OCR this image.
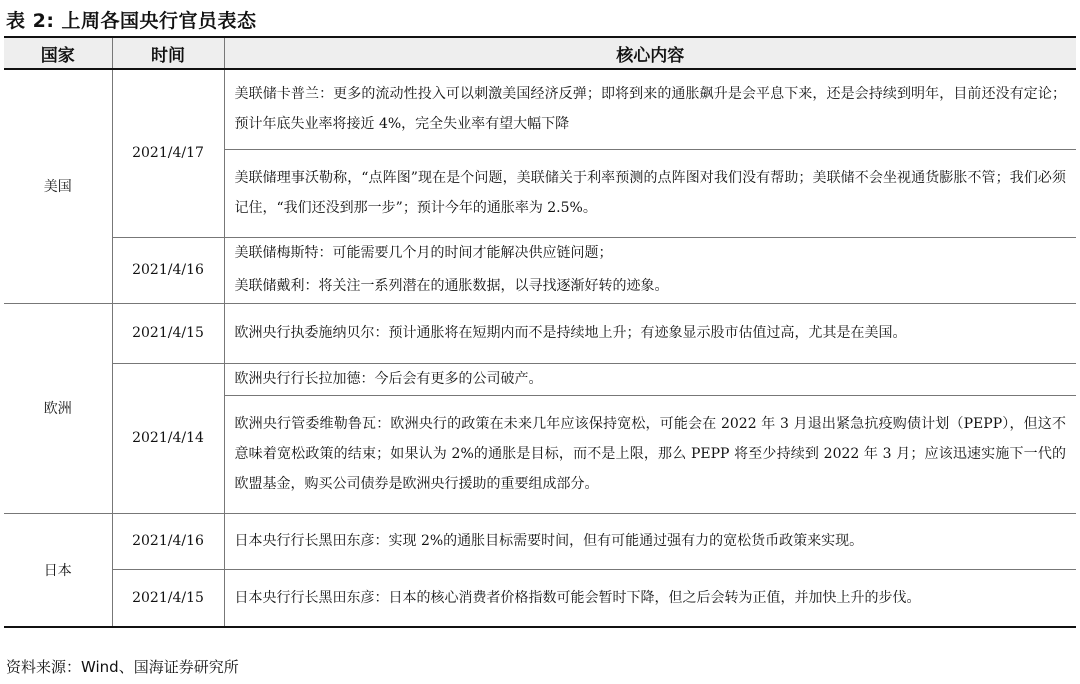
表 2: 上周各国央行官员表态
国家	时间	核心内容
美国	2021/4/17	美联储卡普兰：更多的流动性投入可以刺激美国经济反弹；即将到来的通胀飙升是会平息下来，还是会持续到明年，目前还没有定论；预计年底失业率将接近 4%，完全失业率有望大幅下降
		美联储理事沃勒称，“点阵图”现在是个问题，美联储关于利率预测的点阵图对我们没有帮助；美联储不会坐视通货膨胀不管；我们必须记住，“我们还没到那一步”；预计今年的通胀率为 2.5%。
	2021/4/16	美联储梅斯特：可能需要几个月的时间才能解决供应链问题；
		美联储戴利：将关注一系列潜在的通胀数据，以寻找逐渐好转的迹象。
欧洲	2021/4/15	欧洲央行执委施纳贝尔：预计通胀将在短期内而不是持续地上升；有迹象显示股市估值过高，尤其是在美国。
	2021/4/14	欧洲央行行长拉加德：今后会有更多的公司破产。
		欧洲央行管委维勒鲁瓦：欧洲央行的政策在未来几年应该保持宽松，可能会在 2022 年 3 月退出紧急抗疫购债计划（PEPP），但这不意味着宽松政策的结束；如果认为 2%的通胀是目标，而不是上限，那么 PEPP 将至少持续到 2022 年 3 月；应该迅速实施下一代的欧盟基金，购买公司债券是欧洲央行援助的重要组成部分。
日本	2021/4/16	日本央行行长黑田东彦：实现 2%的通胀目标需要时间，但有可能通过强有力的宽松货币政策来实现。
	2021/4/15	日本央行行长黑田东彦：日本的核心消费者价格指数可能会暂时下降，但之后会转为正值，并加快上升的步伐。
资料来源：Wind、国海证券研究所
